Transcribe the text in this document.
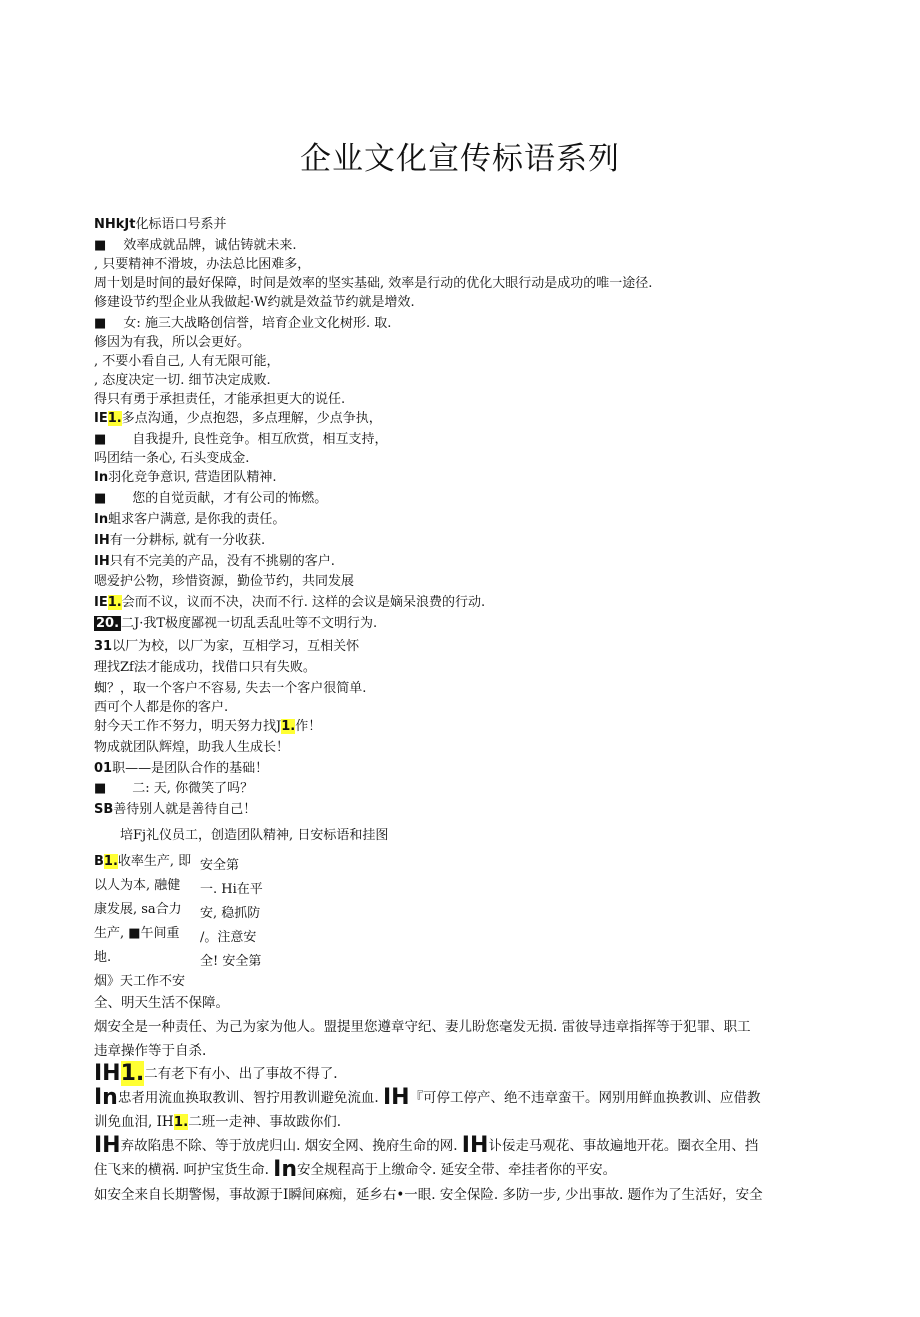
企业文化宣传标语系列
NHkJt化标语口号系并
■　 效率成就品牌，诚估铸就未来.
, 只要精神不滑坡，办法总比困难多，
周十划是时间的最好保障，时间是效率的坚实基础, 效率是行动的优化大眼行动是成功的唯一途径.
修建设节约型企业从我做起·W约就是效益节约就是增效.
■　 女: 施三大战略创信誉，培育企业文化树形. 取.
修因为有我，所以会更好。
, 不要小看自己, 人有无限可能，
, 态度决定一切. 细节决定成败.
得只有勇于承担责任，才能承担更大的说任.
IE1.多点沟通，少点抱怨，多点理解，少点争执，
■　　自我提升, 良性竞争。相互欣赏，相互支持，
吗团结一条心, 石头变成金.
In羽化竞争意识, 营造团队精神.
■　　您的自觉贡献，才有公司的怖燃。
In蛆求客户满意, 是你我的责任。
IH有一分耕标, 就有一分收获.
IH只有不完美的产品，没有不挑剔的客户.
嗯爱护公物，珍惜资源，勤俭节约，共同发展
IE1.会而不议，议而不决，决而不行. 这样的会议是嫡呆浪费的行动.
20. 二J·我T极度鄙视一切乱丢乱吐等不文明行为.
31以厂为校，以厂为家，互相学习，互相关怀
理找Zf法才能成功，找借口只有失败。
蜘？，取一个客户不容易, 失去一个客户很简单.
西可个人都是你的客户.
射今天工作不努力，明天努力找J1.作！
物成就团队辉煌，助我人生成长！
01职——是团队合作的基础！
■　　二: 天, 你微笑了吗？
SB善待别人就是善待自己！
　　培Fj礼仪员工，创造团队精神, 日安标语和挂图
B1.收率生产, 即
以人为本, 融健
康发展, sa合力
生产, ■午间重
地.
烟》天工作不安
安全第
一. Hi在平
安, 稳抓防
/。注意安
全! 安全第
全、明天生活不保障。
烟安全是一种责任、为己为家为他人。盟提里您遵章守纪、妻儿盼您毫发无损. 雷彼导违章指挥等于犯罪、职工
违章操作等于自杀.
IH1.二有老下有小、出了事故不得了.
In忠者用流血换取教训、智拧用教训避免流血. IH『可停工停产、绝不违章蛮干。网别用鲜血换教训、应借教
训免血泪, IH1.二班一走神、事故跋你们.
IH弃故陷患不除、等于放虎归山. 烟安全网、挽府生命的网. IH讣佞走马观花、事故遍地开花。圈衣全用、挡
住飞来的横祸. 呵护宝货生命. In安全规程高于上缴命令. 延安全带、牵挂者你的平安。
如安全来自长期警惕，事故源于I瞬间麻痴，延乡右•一眼. 安全保险. 多防一步, 少出事故. 题作为了生活好，安全
